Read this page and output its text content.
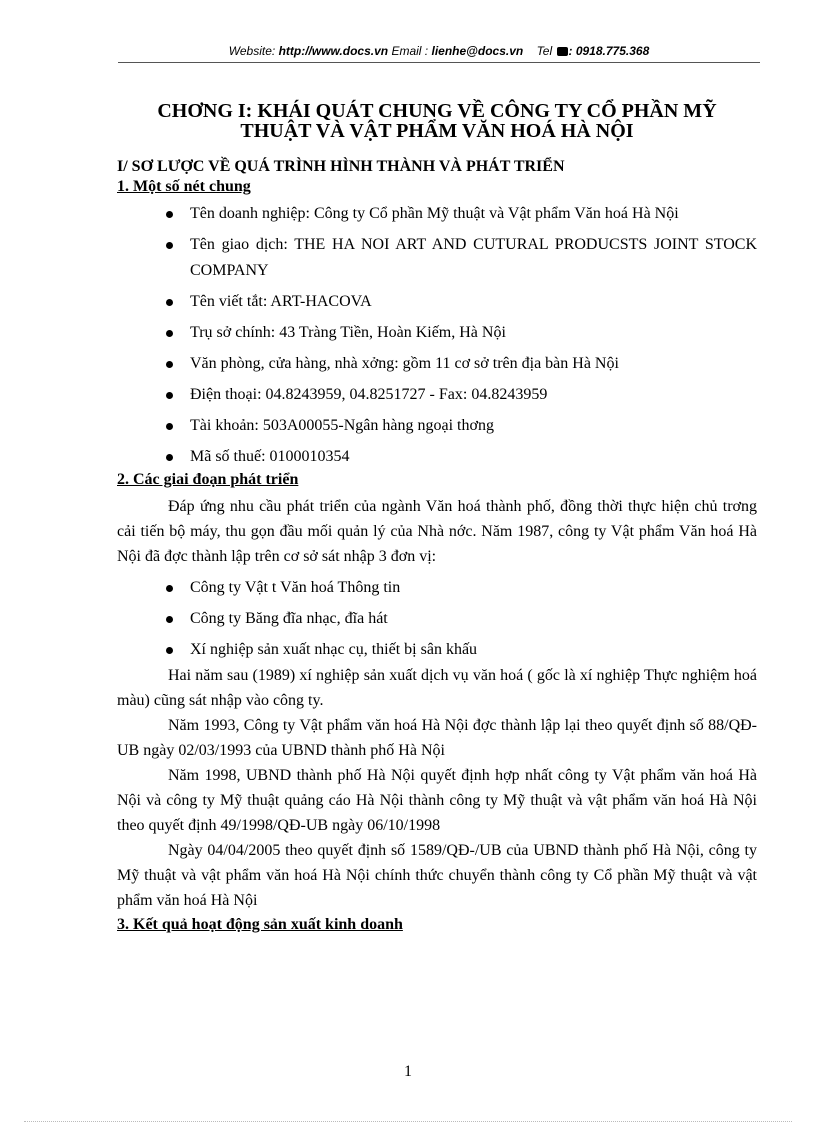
Website: http://www.docs.vn Email : lienhe@docs.vn Tel : 0918.775.368
CHƠNG I: KHÁI QUÁT CHUNG VỀ CÔNG TY CỔ PHẦN MỸ
THUẬT VÀ VẬT PHẨM VĂN HOÁ HÀ NỘI
I/ SƠ LƯỢC VỀ QUÁ TRÌNH HÌNH THÀNH VÀ PHÁT TRIỂN
1. Một số nét chung
Tên doanh nghiệp: Công ty Cổ phần Mỹ thuật và Vật phẩm Văn hoá Hà Nội
Tên giao dịch: THE HA NOI ART AND CUTURAL PRODUCSTS JOINT STOCK COMPANY
Tên viết tắt: ART-HACOVA
Trụ sở chính: 43 Tràng Tiền, Hoàn Kiếm, Hà Nội
Văn phòng, cửa hàng, nhà xởng: gồm 11 cơ sở trên địa bàn Hà Nội
Điện thoại: 04.8243959, 04.8251727 - Fax: 04.8243959
Tài khoản: 503A00055-Ngân hàng ngoại thơng
Mã số thuế: 0100010354
2. Các giai đoạn phát triển

Đáp ứng nhu cầu phát triển của ngành Văn hoá thành phố, đồng thời thực hiện chủ trơng cải tiến bộ máy, thu gọn đầu mối quản lý của Nhà nớc. Năm 1987, công ty Vật phẩm Văn hoá Hà Nội đã đợc thành lập trên cơ sở sát nhập 3 đơn vị:

Công ty Vật t Văn hoá Thông tin
Công ty Băng đĩa nhạc, đĩa hát
Xí nghiệp sản xuất nhạc cụ, thiết bị sân khấu

Hai năm sau (1989) xí nghiệp sản xuất dịch vụ văn hoá ( gốc là xí nghiệp Thực nghiệm hoá màu) cũng sát nhập vào công ty.

Năm 1993, Công ty Vật phẩm văn hoá Hà Nội đợc thành lập lại theo quyết định số 88/QĐ-UB ngày 02/03/1993 của UBND thành phố Hà Nội

Năm 1998, UBND thành phố Hà Nội quyết định hợp nhất công ty Vật phẩm văn hoá Hà Nội và công ty Mỹ thuật quảng cáo Hà Nội thành công ty Mỹ thuật và vật phẩm văn hoá Hà Nội theo quyết định 49/1998/QĐ-UB ngày 06/10/1998

Ngày 04/04/2005 theo quyết định số 1589/QĐ-/UB của UBND thành phố Hà Nội, công ty Mỹ thuật và vật phẩm văn hoá Hà Nội chính thức chuyển thành công ty Cổ phần Mỹ thuật và vật phẩm văn hoá Hà Nội

3. Kết quả hoạt động sản xuất kinh doanh
1
